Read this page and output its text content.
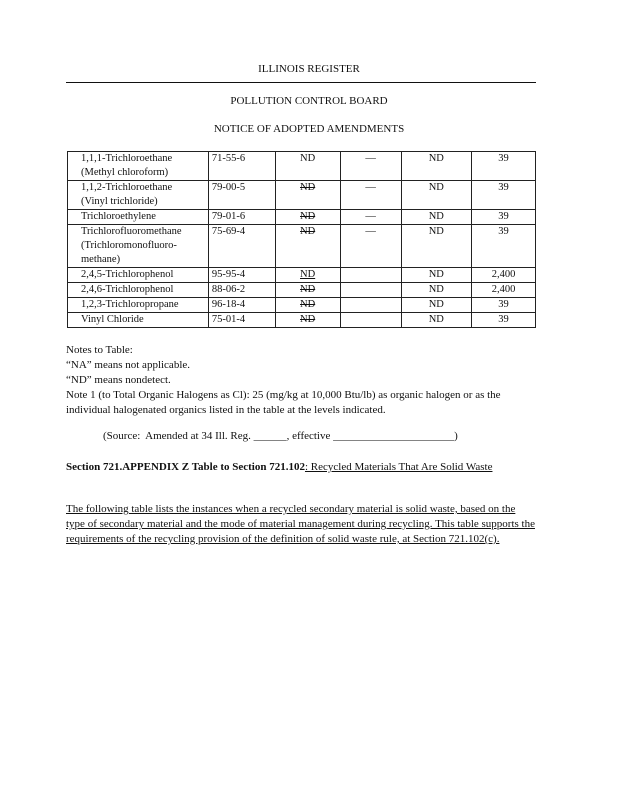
ILLINOIS REGISTER
POLLUTION CONTROL BOARD
NOTICE OF ADOPTED AMENDMENTS
1,1,1-Trichloroethane
(Methyl chloroform)	71-55-6	ND	—	ND	39

1,1,2-Trichloroethane
(Vinyl trichloride)	79-00-5	ND	—	ND	39

Trichloroethylene	79-01-6	ND	—	ND	39

Trichlorofluoromethane
(Trichloromonofluoro-
methane)	75-69-4	ND	—	ND	39

2,4,5-Trichlorophenol	95-95-4	ND		ND	2,400

2,4,6-Trichlorophenol	88-06-2	ND		ND	2,400

1,2,3-Trichloropropane	96-18-4	ND		ND	39

Vinyl Chloride	75-01-4	ND		ND	39
Notes to Table:
“NA” means not applicable.
“ND” means nondetect.
Note 1 (to Total Organic Halogens as Cl): 25 (mg/kg at 10,000 Btu/lb) as organic halogen or as the individual halogenated organics listed in the table at the levels indicated.
(Source:  Amended at 34 Ill. Reg. ______, effective ______________________)
Section 721.APPENDIX Z Table to Section 721.102: Recycled Materials That Are Solid Waste
The following table lists the instances when a recycled secondary material is solid waste, based on the type of secondary material and the mode of material management during recycling. This table supports the requirements of the recycling provision of the definition of solid waste rule, at Section 721.102(c).
